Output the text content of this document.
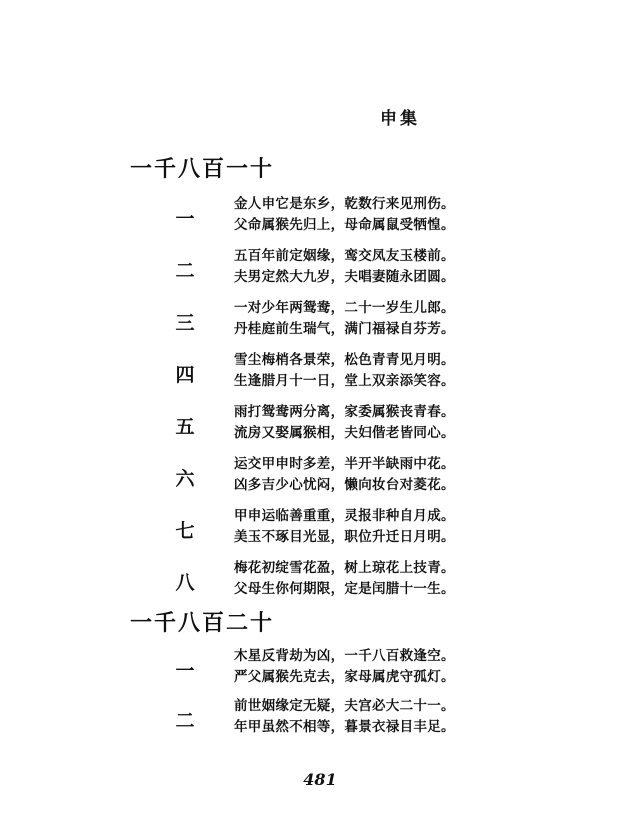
申集
一千八百一十
一
金人申它是东乡，乾数行来见刑伤。
父命属猴先归上，母命属鼠受牺惶。
二
五百年前定姻缘，鸾交凤友玉楼前。
夫男定然大九岁，夫唱妻随永团圆。
三
一对少年两鸳鸯，二十一岁生儿郎。
丹桂庭前生瑞气，满门福禄自芬芳。
四
雪尘梅梢各景荣，松色青青见月明。
生逢腊月十一日，堂上双亲添笑容。
五
雨打鸳鸯两分离，家委属猴丧青春。
流房又娶属猴相，夫妇偕老皆同心。
六
运交甲申时多差，半开半缺雨中花。
凶多吉少心忧闷，懒向妆台对菱花。
七
甲申运临善重重，灵报非种自月成。
美玉不琢目光显，职位升迁日月明。
八
梅花初绽雪花盈，树上琼花上技青。
父母生你何期限，定是闰腊十一生。
一千八百二十
一
木星反背劫为凶，一千八百救逢空。
严父属猴先克去，家母属虎守孤灯。
二
前世姻缘定无疑，夫宫必大二十一。
年甲虽然不相等，暮景衣禄目丰足。
481
